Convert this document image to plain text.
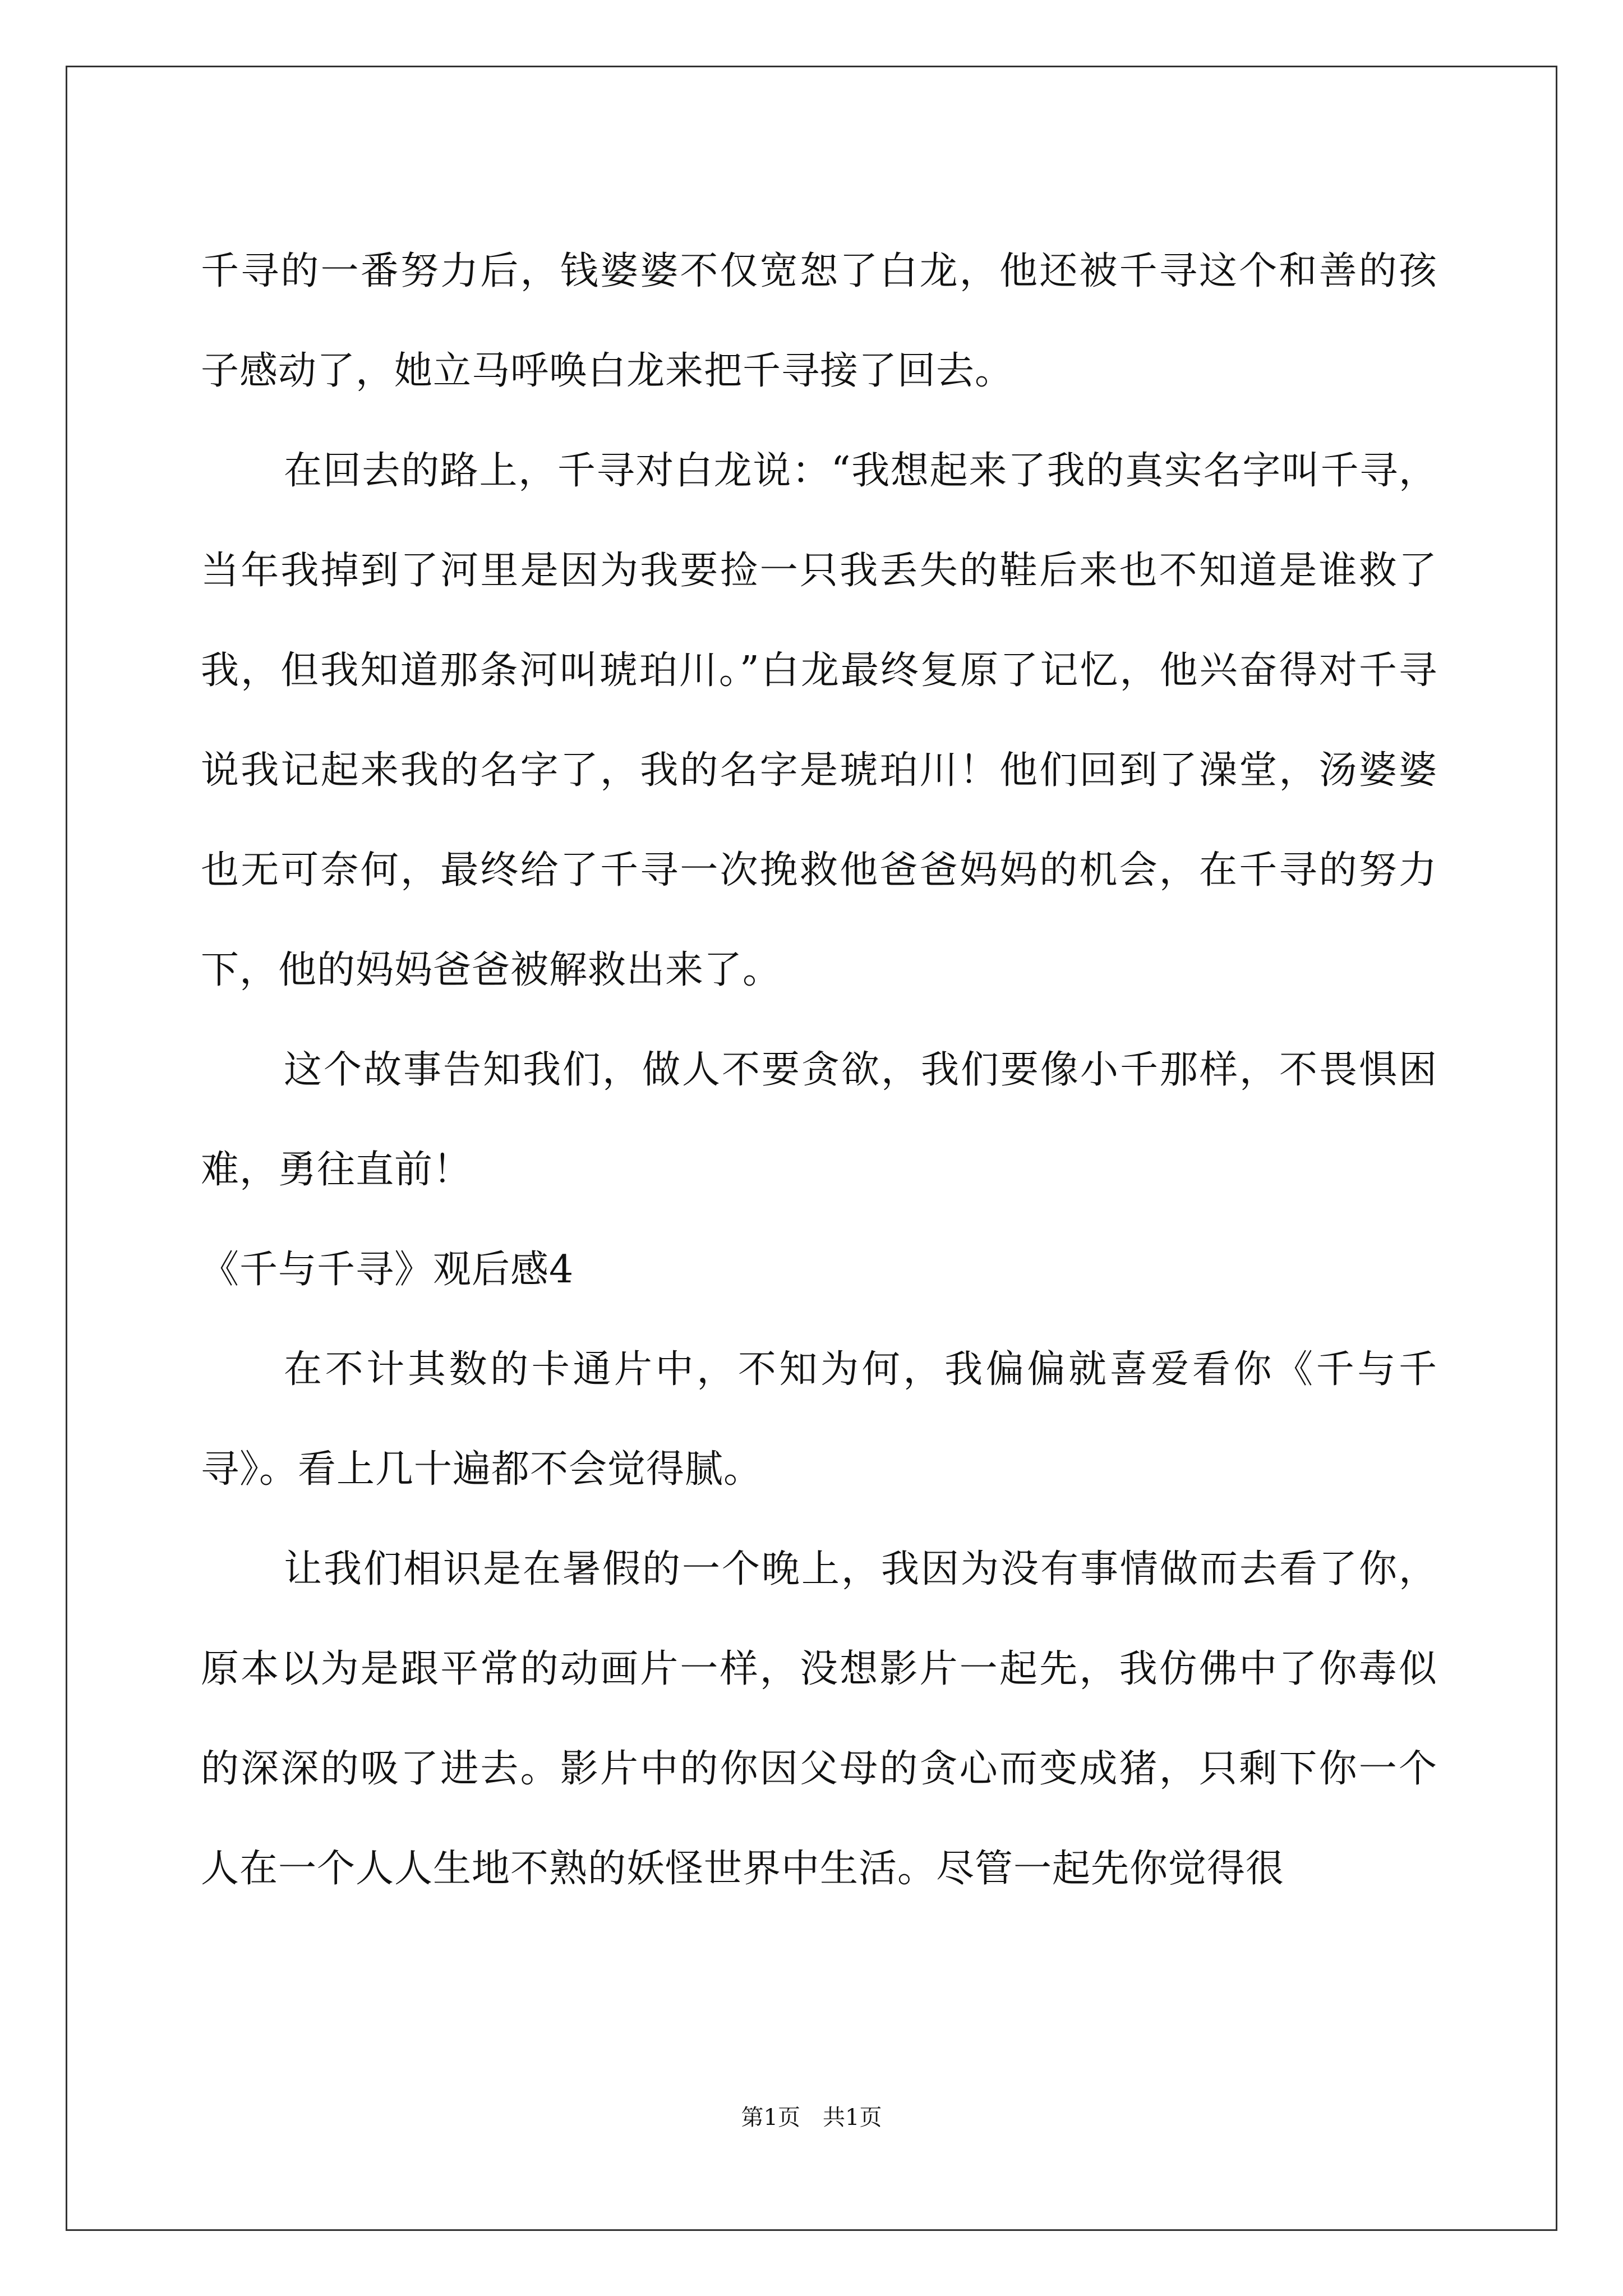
千寻的一番努力后，钱婆婆不仅宽恕了白龙，他还被千寻这个和善的孩子感动了，她立马呼唤白龙来把千寻接了回去。

在回去的路上，千寻对白龙说：“我想起来了我的真实名字叫千寻，当年我掉到了河里是因为我要捡一只我丢失的鞋后来也不知道是谁救了我，但我知道那条河叫琥珀川。”白龙最终复原了记忆，他兴奋得对千寻说我记起来我的名字了，我的名字是琥珀川！他们回到了澡堂，汤婆婆也无可奈何，最终给了千寻一次挽救他爸爸妈妈的机会，在千寻的努力下，他的妈妈爸爸被解救出来了。

这个故事告知我们，做人不要贪欲，我们要像小千那样，不畏惧困难，勇往直前！

《千与千寻》观后感4

在不计其数的卡通片中，不知为何，我偏偏就喜爱看你《千与千寻》。看上几十遍都不会觉得腻。

让我们相识是在暑假的一个晚上，我因为没有事情做而去看了你，原本以为是跟平常的动画片一样，没想影片一起先，我仿佛中了你毒似的深深的吸了进去。影片中的你因父母的贪心而变成猪，只剩下你一个人在一个人人生地不熟的妖怪世界中生活。尽管一起先你觉得很

第1页 共1页
